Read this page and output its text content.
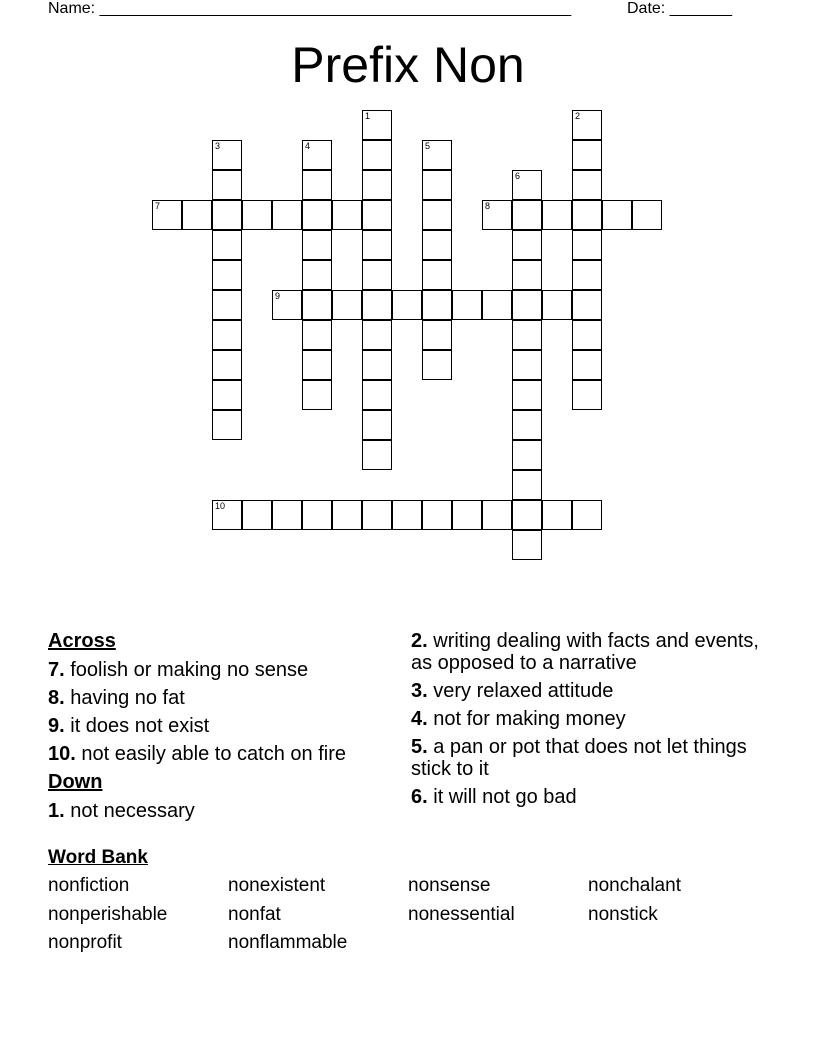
Name: _____________________________________________________	Date: _______
Prefix Non
1	2
3	4	5
6
7	8
9
10
Across
7. foolish or making no sense
8. having no fat
9. it does not exist
10. not easily able to catch on fire
Down
1. not necessary
2. writing dealing with facts and events, as opposed to a narrative
3. very relaxed attitude
4. not for making money
5. a pan or pot that does not let things stick to it
6. it will not go bad
Word Bank
nonfiction	nonexistent	nonsense	nonchalant
nonperishable	nonfat	nonessential	nonstick
nonprofit	nonflammable
